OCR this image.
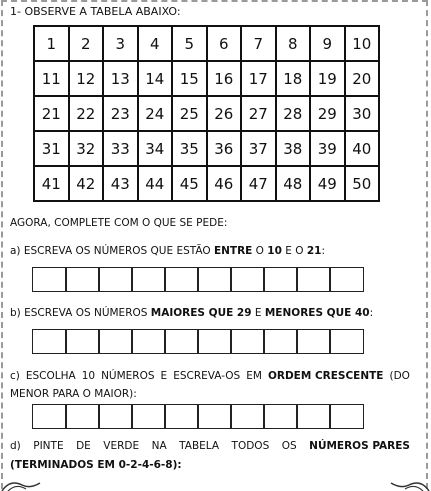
1- OBSERVE A TABELA ABAIXO:
1	2	3	4	5	6	7	8	9	10
11	12	13	14	15	16	17	18	19	20
21	22	23	24	25	26	27	28	29	30
31	32	33	34	35	36	37	38	39	40
41	42	43	44	45	46	47	48	49	50
AGORA, COMPLETE COM O QUE SE PEDE:
a) ESCREVA OS NÚMEROS QUE ESTÃO ENTRE O 10 E O 21:
b) ESCREVA OS NÚMEROS MAIORES QUE 29 E MENORES QUE 40:
c) ESCOLHA 10 NÚMEROS E ESCREVA-OS EM ORDEM CRESCENTE (DO
MENOR PARA O MAIOR):
d) PINTE DE VERDE NA TABELA TODOS OS NÚMEROS PARES
(TERMINADOS EM 0-2-4-6-8):
